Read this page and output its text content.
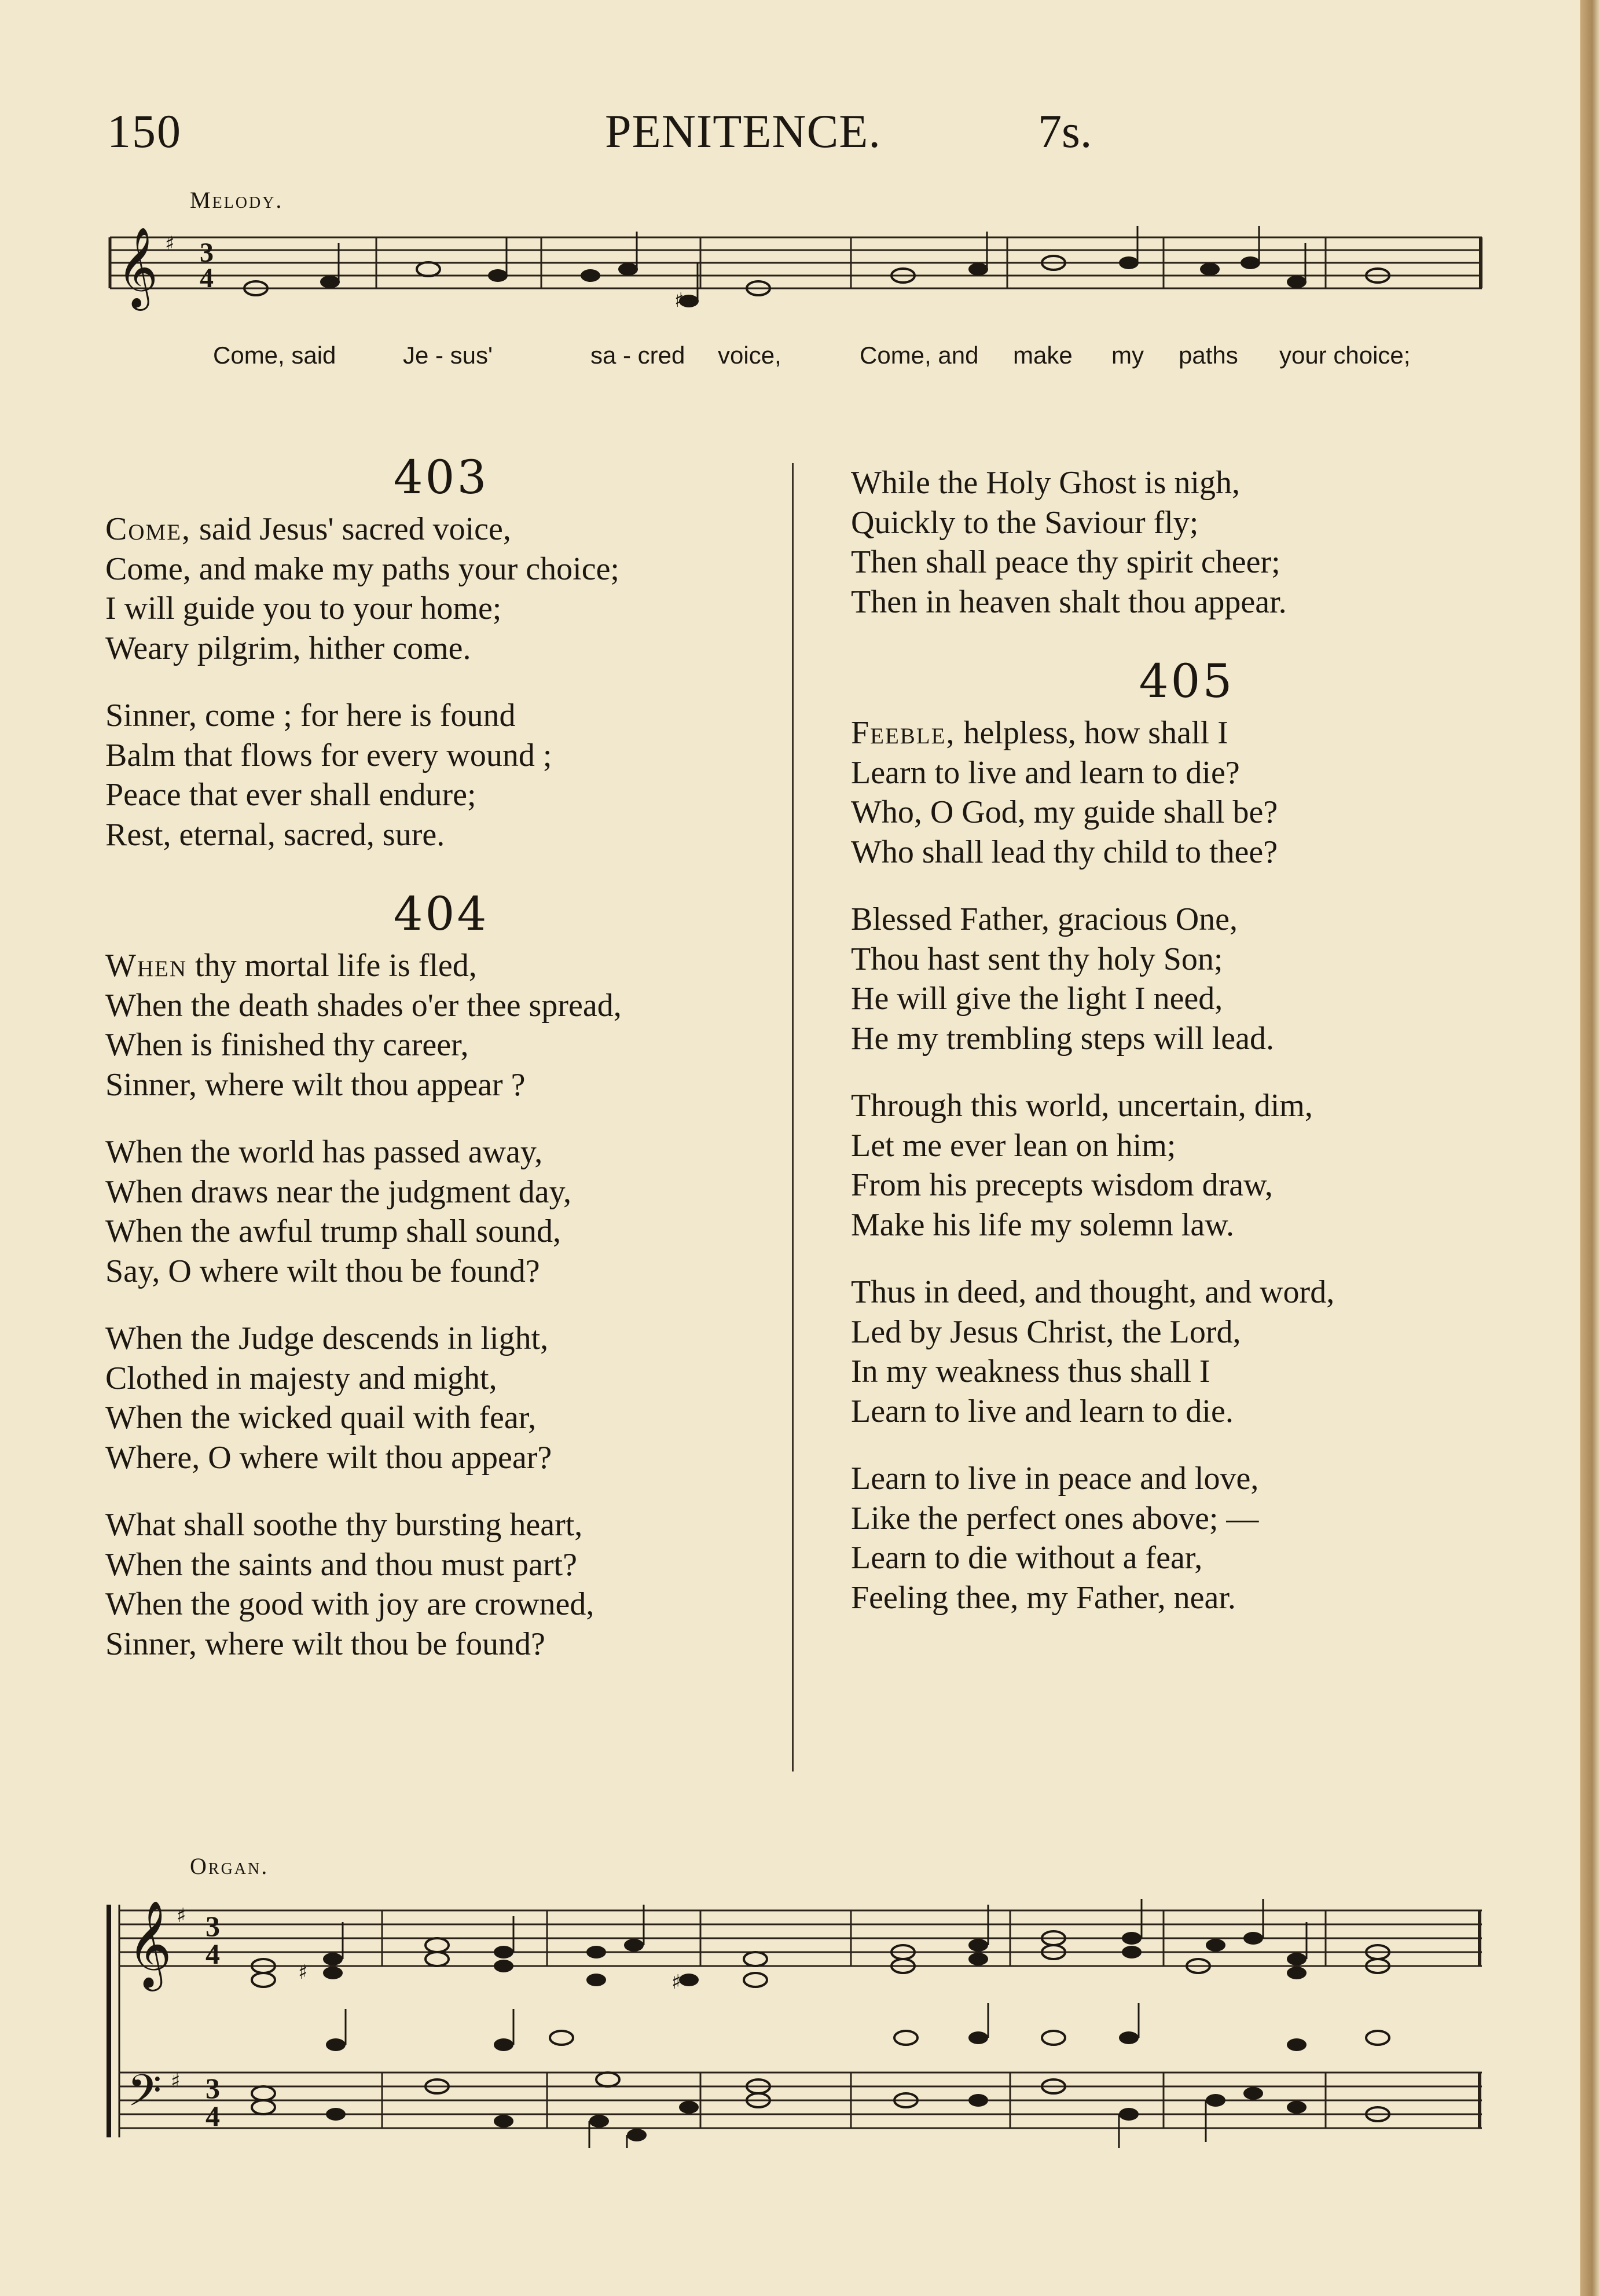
150	PENITENCE.	7s.
Melody.
𝄞 ♯ 3
4
♯
Come, said	Je - sus'	sa - cred voice,	Come, and make my paths your choice;
403
Come, said Jesus' sacred voice,
Come, and make my paths your choice;
I will guide you to your home;
Weary pilgrim, hither come.
Sinner, come ; for here is found
Balm that flows for every wound ;
Peace that ever shall endure;
Rest, eternal, sacred, sure.
404
When thy mortal life is fled,
When the death shades o'er thee spread,
When is finished thy career,
Sinner, where wilt thou appear ?
When the world has passed away,
When draws near the judgment day,
When the awful trump shall sound,
Say, O where wilt thou be found?
When the Judge descends in light,
Clothed in majesty and might,
When the wicked quail with fear,
Where, O where wilt thou appear?
What shall soothe thy bursting heart,
When the saints and thou must part?
When the good with joy are crowned,
Sinner, where wilt thou be found?
While the Holy Ghost is nigh,
Quickly to the Saviour fly;
Then shall peace thy spirit cheer;
Then in heaven shalt thou appear.
405
Feeble, helpless, how shall I
Learn to live and learn to die?
Who, O God, my guide shall be?
Who shall lead thy child to thee?
Blessed Father, gracious One,
Thou hast sent thy holy Son;
He will give the light I need,
He my trembling steps will lead.
Through this world, uncertain, dim,
Let me ever lean on him;
From his precepts wisdom draw,
Make his life my solemn law.
Thus in deed, and thought, and word,
Led by Jesus Christ, the Lord,
In my weakness thus shall I
Learn to live and learn to die.
Learn to live in peace and love,
Like the perfect ones above; —
Learn to die without a fear,
Feeling thee, my Father, near.
Organ.
𝄞
𝄢
♯
♯
3
4
3
4
♯
♯
